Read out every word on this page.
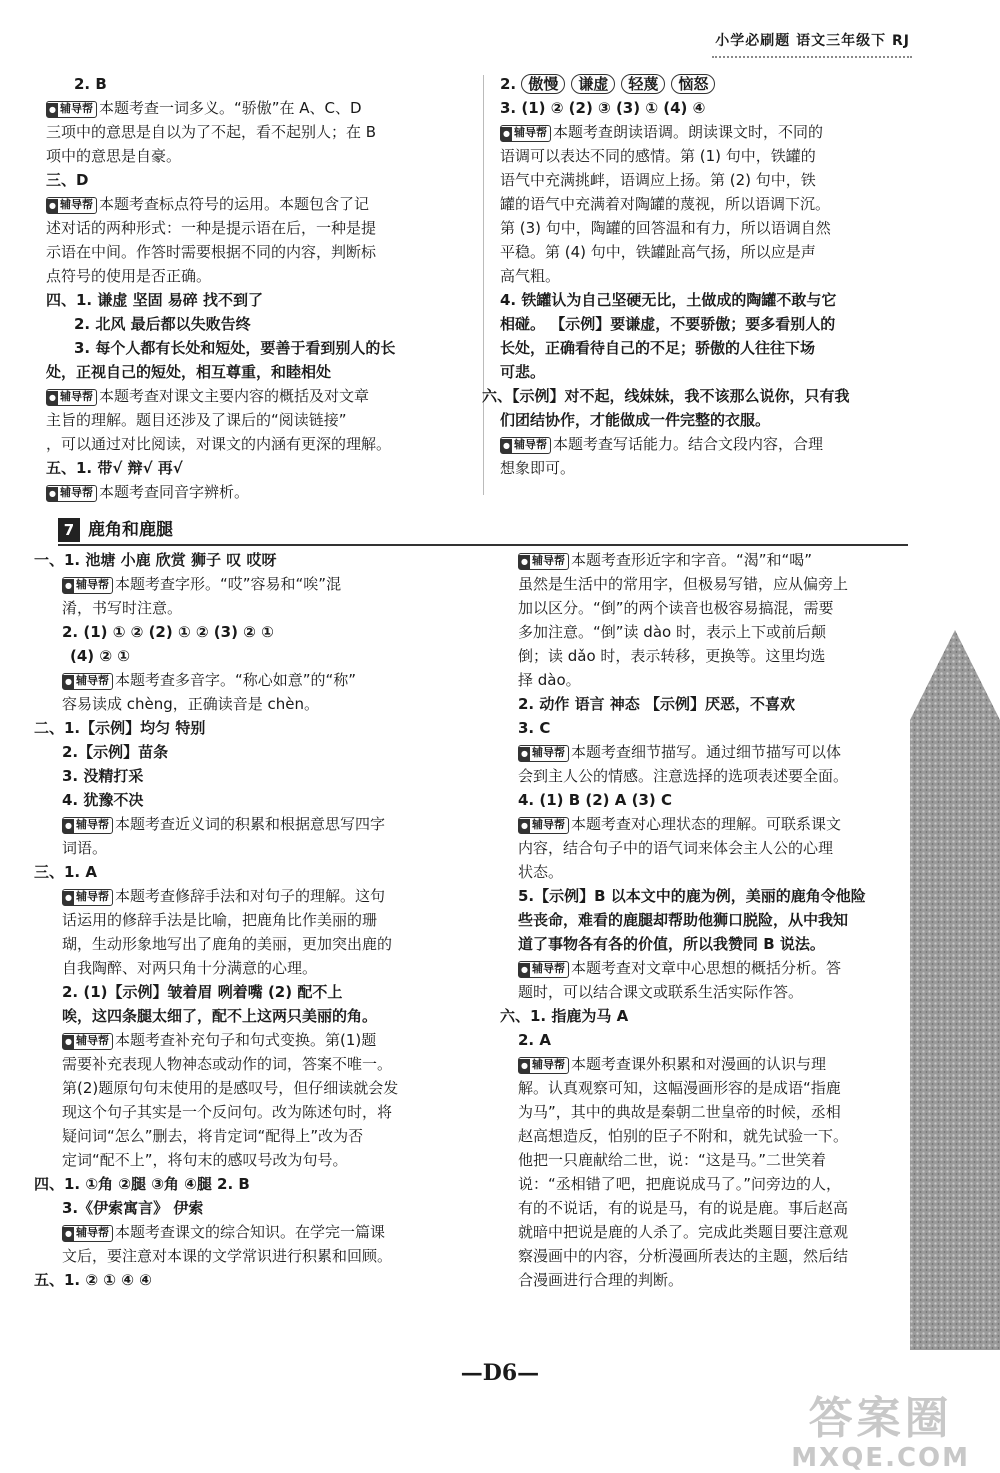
小学必刷题 语文三年级下 RJ
2. B
● 辅导帮 本题考查一词多义。“骄傲”在 A、C、D
三项中的意思是自以为了不起，看不起别人；在 B
项中的意思是自豪。
三、D
● 辅导帮 本题考查标点符号的运用。本题包含了记
述对话的两种形式：一种是提示语在后，一种是提
示语在中间。作答时需要根据不同的内容，判断标
点符号的使用是否正确。
四、1. 谦虚 坚固 易碎 找不到了
2. 北风 最后都以失败告终
3. 每个人都有长处和短处，要善于看到别人的长
处，正视自己的短处，相互尊重，和睦相处
● 辅导帮 本题考查对课文主要内容的概括及对文章
主旨的理解。题目还涉及了课后的“阅读链接”
，可以通过对比阅读，对课文的内涵有更深的理解。
五、1. 带√ 辩√ 再√
● 辅导帮 本题考查同音字辨析。
2. 傲慢 谦虚 轻蔑 恼怒
3. (1) ② (2) ③ (3) ① (4) ④
● 辅导帮 本题考查朗读语调。朗读课文时，不同的
语调可以表达不同的感情。第 (1) 句中，铁罐的
语气中充满挑衅，语调应上扬。第 (2) 句中，铁
罐的语气中充满着对陶罐的蔑视，所以语调下沉。
第 (3) 句中，陶罐的回答温和有力，所以语调自然
平稳。第 (4) 句中，铁罐趾高气扬，所以应是声
高气粗。
4. 铁罐认为自己坚硬无比，土做成的陶罐不敢与它
相碰。 【示例】要谦虚，不要骄傲；要多看别人的
长处，正确看待自己的不足；骄傲的人往往下场
可悲。
六、【示例】对不起，线妹妹，我不该那么说你，只有我
们团结协作，才能做成一件完整的衣服。
● 辅导帮 本题考查写话能力。结合文段内容，合理
想象即可。
7 鹿角和鹿腿
一、1. 池塘 小鹿 欣赏 狮子 叹 哎呀
● 辅导帮 本题考查字形。“哎”容易和“唉”混
淆，书写时注意。
2. (1) ① ② (2) ① ② (3) ② ①
(4) ② ①
● 辅导帮 本题考查多音字。“称心如意”的“称”
容易读成 chèng，正确读音是 chèn。
二、1.【示例】均匀 特别
2.【示例】苗条
3. 没精打采
4. 犹豫不决
● 辅导帮 本题考查近义词的积累和根据意思写四字
词语。
三、1. A
● 辅导帮 本题考查修辞手法和对句子的理解。这句
话运用的修辞手法是比喻，把鹿角比作美丽的珊
瑚，生动形象地写出了鹿角的美丽，更加突出鹿的
自我陶醉、对两只角十分满意的心理。
2. (1)【示例】皱着眉 咧着嘴 (2) 配不上
唉，这四条腿太细了，配不上这两只美丽的角。
● 辅导帮 本题考查补充句子和句式变换。第(1)题
需要补充表现人物神态或动作的词，答案不唯一。
第(2)题原句句末使用的是感叹号，但仔细读就会发
现这个句子其实是一个反问句。改为陈述句时，将
疑问词“怎么”删去，将肯定词“配得上”改为否
定词“配不上”，将句末的感叹号改为句号。
四、1. ①角 ②腿 ③角 ④腿 2. B
3.《伊索寓言》 伊索
● 辅导帮 本题考查课文的综合知识。在学完一篇课
文后，要注意对本课的文学常识进行积累和回顾。
五、1. ② ① ④ ④
● 辅导帮 本题考查形近字和字音。“渴”和“喝”
虽然是生活中的常用字，但极易写错，应从偏旁上
加以区分。“倒”的两个读音也极容易搞混，需要
多加注意。“倒”读 dào 时，表示上下或前后颠
倒；读 dǎo 时，表示转移，更换等。这里均选
择 dào。
2. 动作 语言 神态 【示例】厌恶，不喜欢
3. C
● 辅导帮 本题考查细节描写。通过细节描写可以体
会到主人公的情感。注意选择的选项表述要全面。
4. (1) B (2) A (3) C
● 辅导帮 本题考查对心理状态的理解。可联系课文
内容，结合句子中的语气词来体会主人公的心理
状态。
5.【示例】B 以本文中的鹿为例，美丽的鹿角令他险
些丧命，难看的鹿腿却帮助他狮口脱险，从中我知
道了事物各有各的价值，所以我赞同 B 说法。
● 辅导帮 本题考查对文章中心思想的概括分析。答
题时，可以结合课文或联系生活实际作答。
六、1. 指鹿为马 A
2. A
● 辅导帮 本题考查课外积累和对漫画的认识与理
解。认真观察可知，这幅漫画形容的是成语“指鹿
为马”，其中的典故是秦朝二世皇帝的时候，丞相
赵高想造反，怕别的臣子不附和，就先试验一下。
他把一只鹿献给二世，说：“这是马。”二世笑着
说：“丞相错了吧，把鹿说成马了。”问旁边的人，
有的不说话，有的说是马，有的说是鹿。事后赵高
就暗中把说是鹿的人杀了。完成此类题目要注意观
察漫画中的内容，分析漫画所表达的主题，然后结
合漫画进行合理的判断。
—D6—
答案圈
MXQE.COM
